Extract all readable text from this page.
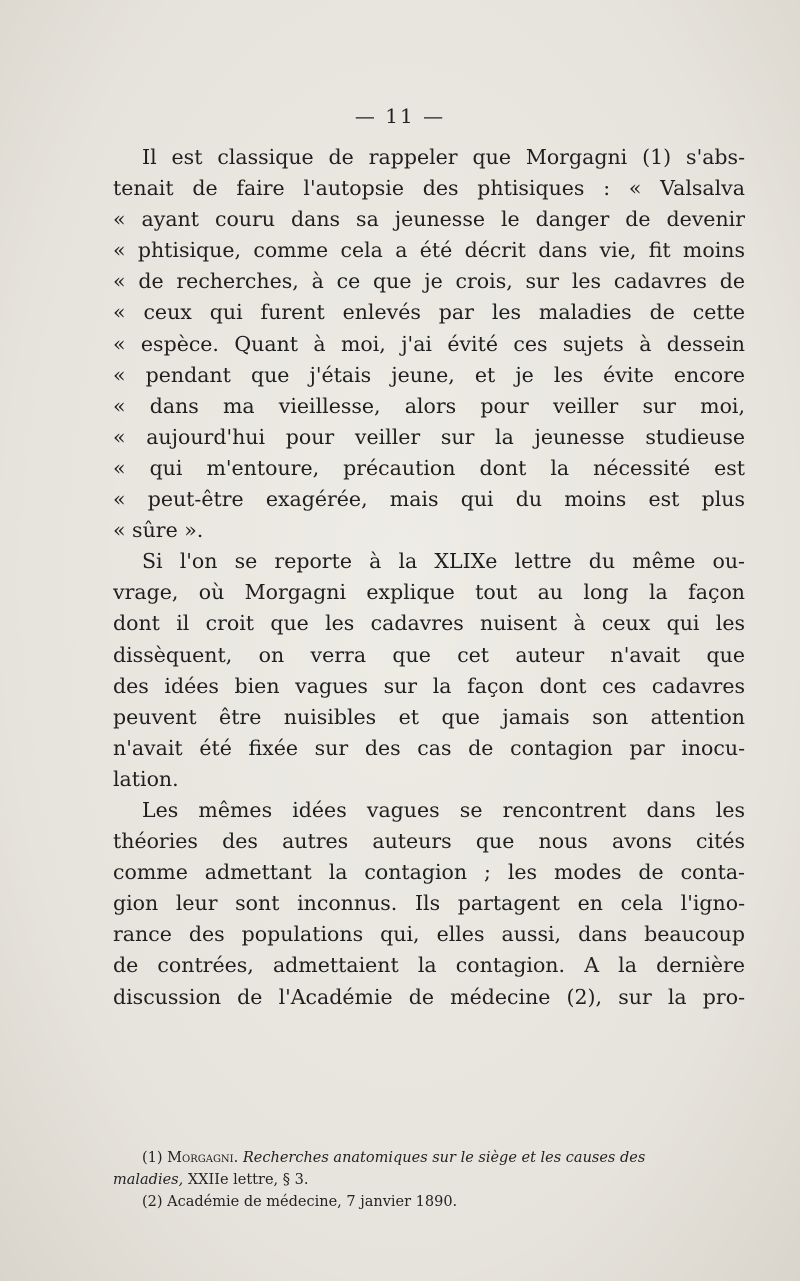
— 11 —
Il est classique de rappeler que Morgagni (1) s'abs-
tenait de faire l'autopsie des phtisiques : « Valsalva
« ayant couru dans sa jeunesse le danger de devenir
« phtisique, comme cela a été décrit dans vie, fit moins
« de recherches, à ce que je crois, sur les cadavres de
« ceux qui furent enlevés par les maladies de cette
« espèce. Quant à moi, j'ai évité ces sujets à dessein
« pendant que j'étais jeune, et je les évite encore
« dans ma vieillesse, alors pour veiller sur moi,
« aujourd'hui pour veiller sur la jeunesse studieuse
« qui m'entoure, précaution dont la nécessité est
« peut-être exagérée, mais qui du moins est plus
« sûre ».
Si l'on se reporte à la XLIXe lettre du même ou-
vrage, où Morgagni explique tout au long la façon
dont il croit que les cadavres nuisent à ceux qui les
dissèquent, on verra que cet auteur n'avait que
des idées bien vagues sur la façon dont ces cadavres
peuvent être nuisibles et que jamais son attention
n'avait été fixée sur des cas de contagion par inocu-
lation.
Les mêmes idées vagues se rencontrent dans les
théories des autres auteurs que nous avons cités
comme admettant la contagion ; les modes de conta-
gion leur sont inconnus. Ils partagent en cela l'igno-
rance des populations qui, elles aussi, dans beaucoup
de contrées, admettaient la contagion. A la dernière
discussion de l'Académie de médecine (2), sur la pro-
(1) Morgagni. Recherches anatomiques sur le siège et les causes des
maladies, XXIIe lettre, § 3.
(2) Académie de médecine, 7 janvier 1890.
